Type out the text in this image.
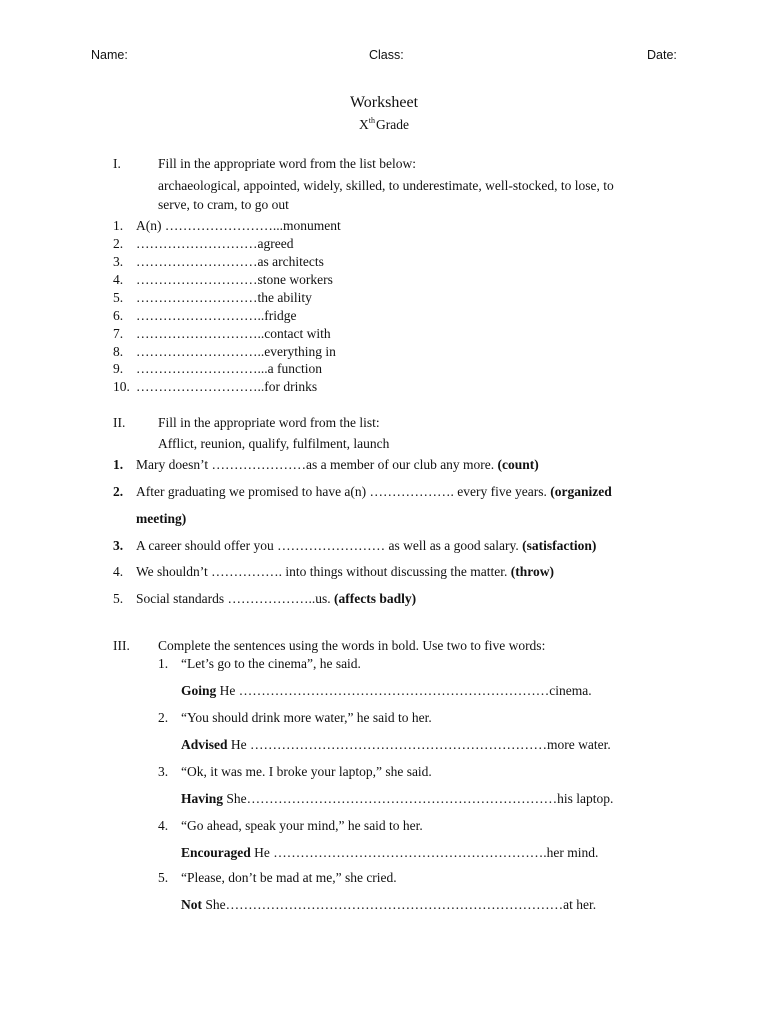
Name:	Class:	Date:
Worksheet
XthGrade
I.	Fill in the appropriate word from the list below:
archaeological, appointed, widely, skilled, to underestimate, well-stocked, to lose, to
serve, to cram, to go out
1. A(n) ……………………...monument
2. ………………………agreed
3. ………………………as architects
4. ………………………stone workers
5. ………………………the ability
6. ………………………..fridge
7. ………………………..contact with
8. ………………………..everything in
9. ………………………...a function
10. ………………………..for drinks
II. Fill in the appropriate word from the list:
Afflict, reunion, qualify, fulfilment, launch
1. Mary doesn’t …………………as a member of our club any more. (count)
2. After graduating we promised to have a(n) ………………. every five years. (organized
meeting)
3. A career should offer you …………………… as well as a good salary. (satisfaction)
4. We shouldn’t ……………. into things without discussing the matter. (throw)
5. Social standards ………………..us. (affects badly)
III. Complete the sentences using the words in bold. Use two to five words:
1. “Let’s go to the cinema”, he said.
Going He ……………………………………………………………cinema.
2. “You should drink more water,” he said to her.
Advised He …………………………………………………………more water.
3. “Ok, it was me. I broke your laptop,” she said.
Having She……………………………………………………………his laptop.
4. “Go ahead, speak your mind,” he said to her.
Encouraged He …………………………………………………….her mind.
5. “Please, don’t be mad at me,” she cried.
Not She…………………………………………………………………at her.
